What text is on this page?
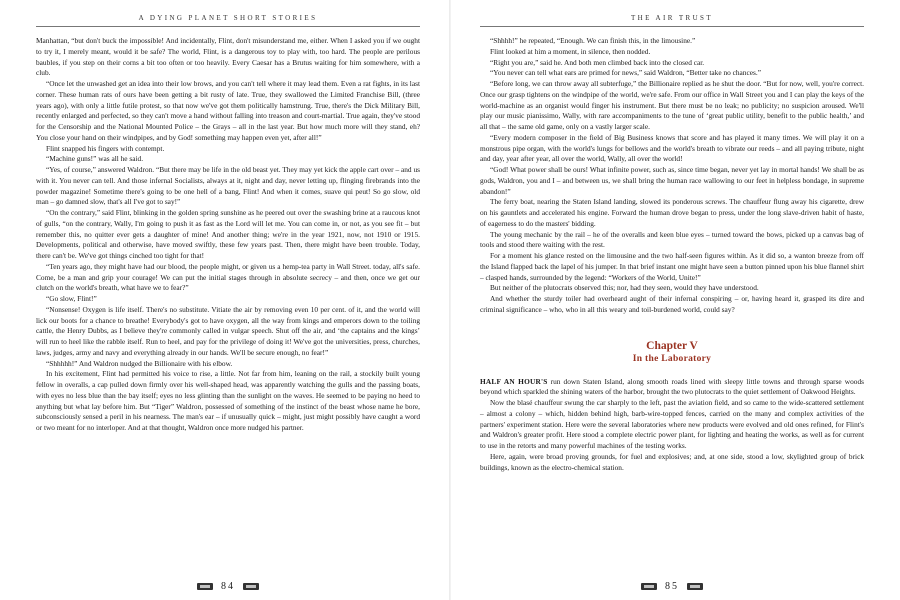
A DYING PLANET SHORT STORIES

Manhattan, “but don't buck the impossible! And incidentally, Flint, don't misunderstand me, either. When I asked you if we ought to try it, I merely meant, would it be safe? The world, Flint, is a dangerous toy to play with, too hard. The people are perilous baubles, if you step on their corns a bit too often or too heavily. Every Caesar has a Brutus waiting for him somewhere, with a club.

“Once let the unwashed get an idea into their low brows, and you can't tell where it may lead them. Even a rat fights, in its last corner. These human rats of ours have been getting a bit rusty of late. True, they swallowed the Limited Franchise Bill, (three years ago), with only a little futile protest, so that now we've got them politically hamstrung. True, there's the Dick Military Bill, recently enlarged and perfected, so they can't move a hand without falling into treason and court-martial. True again, they've stood for the Censorship and the National Mounted Police – the Grays – all in the last year. But how much more will they stand, eh? You close your hand on their windpipes, and by God! something may happen even yet, after all!”

Flint snapped his fingers with contempt.

“Machine guns!” was all he said.

“Yes, of course,” answered Waldron. “But there may be life in the old beast yet. They may yet kick the apple cart over – and us with it. You never can tell. And those infernal Socialists, always at it, night and day, never letting up, flinging firebrands into the powder magazine! Sometime there's going to be one hell of a bang, Flint! And when it comes, suave qui peut! So go slow, old man – go damned slow, that's all I've got to say!”

“On the contrary,” said Flint, blinking in the golden spring sunshine as he peered out over the swashing brine at a raucous knot of gulls, “on the contrary, Wally, I'm going to push it as fast as the Lord will let me. You can come in, or not, as you see fit – but remember this, no quitter ever gets a daughter of mine! And another thing; we're in the year 1921, now, not 1910 or 1915. Developments, political and otherwise, have moved swiftly, these few years past. Then, there might have been trouble. Today, there can't be. We've got things cinched too tight for that!

“Ten years ago, they might have had our blood, the people might, or given us a hemp-tea party in Wall Street. today, all's safe. Come, be a man and grip your courage! We can put the initial stages through in absolute secrecy – and then, once we get our clutch on the world's breath, what have we to fear?”

“Go slow, Flint!”

“Nonsense! Oxygen is life itself. There's no substitute. Vitiate the air by removing even 10 per cent. of it, and the world will lick our boots for a chance to breathe! Everybody's got to have oxygen, all the way from kings and emperors down to the toiling cattle, the Henry Dubbs, as I believe they're commonly called in vulgar speech. Shut off the air, and ‘the captains and the kings’ will run to heel like the rabble itself. Run to heel, and pay for the privilege of doing it! We've got the universities, press, churches, laws, judges, army and navy and everything already in our hands. We'll be secure enough, no fear!”

“Shhhhh!” And Waldron nudged the Billionaire with his elbow.

In his excitement, Flint had permitted his voice to rise, a little. Not far from him, leaning on the rail, a stockily built young fellow in overalls, a cap pulled down firmly over his well-shaped head, was apparently watching the gulls and the passing boats, with eyes no less blue than the bay itself; eyes no less glinting than the sunlight on the waves. He seemed to be paying no heed to anything but what lay before him. But “Tiger” Waldron, possessed of something of the instinct of the beast whose name he bore, subconsciously sensed a peril in his nearness. The man's ear – if unusually quick – might, just might possibly have caught a word or two meant for no interloper. And at that thought, Waldron once more nudged his partner.

84
THE AIR TRUST

“Shhhh!” he repeated, “Enough. We can finish this, in the limousine.”

Flint looked at him a moment, in silence, then nodded.

“Right you are,” said he. And both men climbed back into the closed car.

“You never can tell what ears are primed for news,” said Waldron, “Better take no chances.”

“Before long, we can throw away all subterfuge,” the Billionaire replied as he shut the door. “But for now, well, you're correct. Once our grasp tightens on the windpipe of the world, we're safe. From our office in Wall Street you and I can play the keys of the world-machine as an organist would finger his instrument. But there must be no leak; no publicity; no suspicion aroused. We'll play our music pianissimo, Wally, with rare accompaniments to the tune of ‘great public utility, benefit to the public health,’ and all that – the same old game, only on a vastly larger scale.

“Every modern composer in the field of Big Business knows that score and has played it many times. We will play it on a monstrous pipe organ, with the world's lungs for bellows and the world's breath to vibrate our reeds – and all paying tribute, night and day, year after year, all over the world, Wally, all over the world!

“God! What power shall be ours! What infinite power, such as, since time began, never yet lay in mortal hands! We shall be as gods, Waldron, you and I – and between us, we shall bring the human race wallowing to our feet in helpless bondage, in supreme abandon!”

The ferry boat, nearing the Staten Island landing, slowed its ponderous screws. The chauffeur flung away his cigarette, drew on his gauntlets and accelerated his engine. Forward the human drove began to press, under the long slave-driven habit of haste, of eagerness to do the masters' bidding.

The young mechanic by the rail – he of the overalls and keen blue eyes – turned toward the bows, picked up a canvas bag of tools and stood there waiting with the rest.

For a moment his glance rested on the limousine and the two half-seen figures within. As it did so, a wanton breeze from off the Island flapped back the lapel of his jumper. In that brief instant one might have seen a button pinned upon his blue flannel shirt – clasped hands, surrounded by the legend: “Workers of the World, Unite!”

But neither of the plutocrats observed this; nor, had they seen, would they have understood.

And whether the sturdy toiler had overheard aught of their infernal conspiring – or, having heard it, grasped its dire and criminal significance – who, who in all this weary and toil-burdened world, could say?

Chapter V
In the Laboratory

HALF AN HOUR'S run down Staten Island, along smooth roads lined with sleepy little towns and through sparse woods beyond which sparkled the shining waters of the harbor, brought the two plutocrats to the quiet settlement of Oakwood Heights.

Now the blasé chauffeur swung the car sharply to the left, past the aviation field, and so came to the wide-scattered settlement – almost a colony – which, hidden behind high, barb-wire-topped fences, carried on the many and complex activities of the partners' experiment station. Here were the several laboratories where new products were evolved and old ones refined, for Flint's and Waldron's greater profit. Here stood a complete electric power plant, for lighting and heating the works, as well as for current to use in the retorts and many powerful machines of the testing works.

Here, again, were broad proving grounds, for fuel and explosives; and, at one side, stood a low, skylighted group of brick buildings, known as the electro-chemical station.

85
